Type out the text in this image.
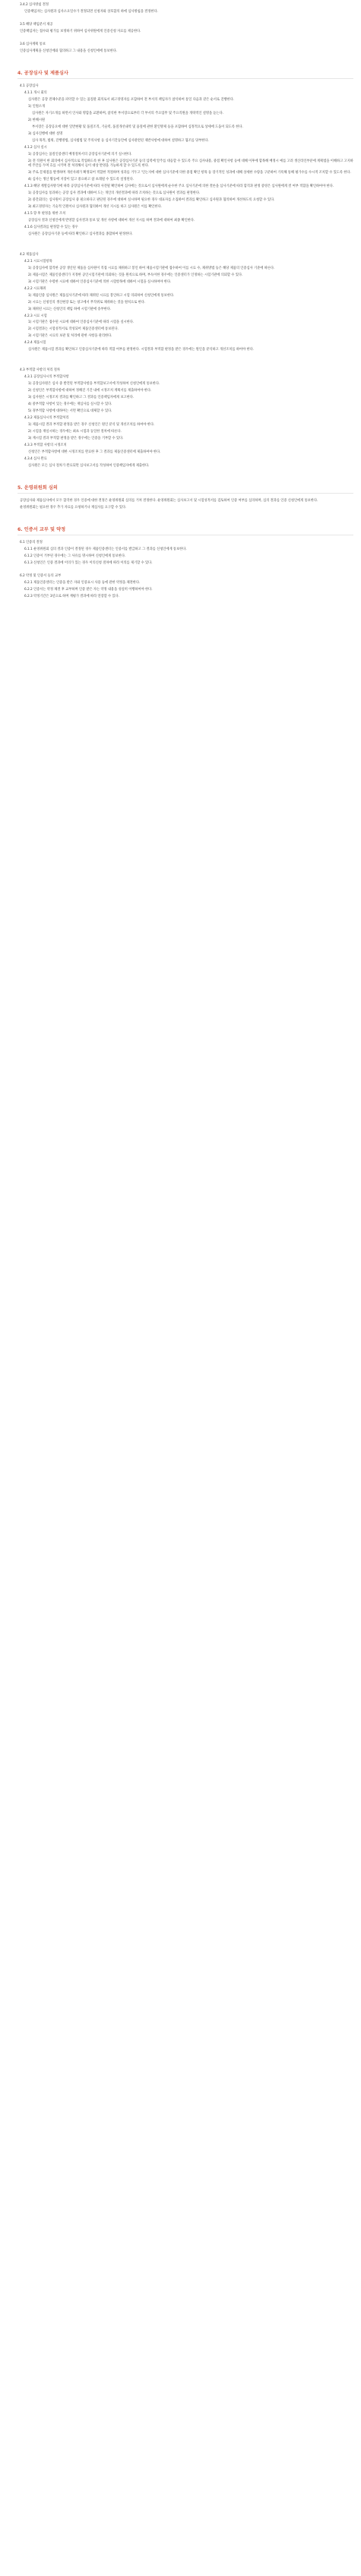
3.4.2 심사방침 결정
인증책임자는 심사원과 심사소요일수가 결정되면 신청자와 상호합의 하에 심사방침을 결정한다.
3.5 해당 책임분서 제공
인증책임자는 접수와 평가를 보정하기 위하여 심사위원에게 인증신청 자료를 제공한다.
3.6 심사계획 통보
인증심사계획을 신청인에와 협의하고 그 내용을 신청인에에 통보한다.
4. 공장심사 및 제품심사
4.1 공장심사
4.1.1 개시 회의
심사원은 공장 전체수준을 파악할 수 있는 품질관 회의로서 최고경영자를 포함하여 전 부서의 책임자가 참석하여 통일 다음과 같은 순서로 진행한다.
1) 인원소개
심사원은 자기소개를 하면서 인사와 명함을 교환하며, 참석한 부서장으로부터 각 부서의 주요업무 및 주요직원을 개략적인 설명을 듣는다.
2) 한해시원
부서장은 공장공요에 대한 일반현황 및 품질조직, 기술력, 품질개선내역 및 품질에 관한 환인방제 등을 포함하여 심정적으로 상세에 도움이 되도록 한다.
3) 심사진행에 대한 설명
심사 목적, 범위, 진행방법, 심사범법 및 주의사항 등 심사기간동안에 심사관련된 제반사항에 대하여 설명하고 협조를 당부한다.
4.1.2 심사 실시
1) 공장심사는 품질인증센터 배정절차서의 공장심사기준에 의거 실시한다.
2) 전 직원이 한 회의에서 심사적으로 작업하도록 한 후 심사원은 공장심사기준 등의 입력에 알주를 대응할 수 있도록 주요 심사내용, 중점 확인사항 등에 대해 이후에 합목해 배정시 예를 고려 생산라인부분에 계획법을 이해하고 고지하에 주안를 두며 흐를 시키며 결 처리해서 들이 대상 반영을 가능하게 할 수 있도록 한다.
3) 주로 문제점을 발생하며 개선사례가 확정되어 적합한 적절하며 성과를 거두고 '인는지에 대한 심사기준에 의한 중점 확인 항목 등 장기적인 성과에 대해 상세한 수량을 구분하여 기록해 통해 평가수를 수시적 조치할 수 있도록 한다.
4) 심사는 생산 활동에 지장이 있고 중요하고 참 초래될 수 있도록 설정된다.
4.1.3 해당 계열심사방식에 따라 공장심사기준에 따라 사전될 확인하여 심사에는 것으로서 심사원에게 순수한 주요 심사기준에 의한 결론을 심사기준에 따라 합격과 판정 증빙은 심사원에게 결 여부 적합을 확인하여야 한다.
1) 공장심사를 통과하는 공장 심사 결과에 대하여 도는 개인의 개선결과에 따라 조치하는 것으로 심사원이 결과를 판정한다.
2) 중간회의는 심사원이 공장심사 중 필요하다고 판단된 경우에 대하여 실시하며 필요한 경우 대표자를 소집하여 결과를 확인하고 심사원과 협의하여 개선하도록 요청할 수 있다.
3) 최고경영자는 기술적 인원이나 심사원과 협의하여 개선 지시를 하고 심사원은 이를 확인한다.
4.1.5 향 후 판정을 위한 조치
공장심사 결과 신청인에게 반영할 심사결과 통보 및 개선 사항에 대하여 개선 지시를 하며 결과에 대하여 최종 확인한다.
4.1.6 심사결과를 판정할 수 있는 경우
심사원은 공장심사기준 등에 따라 확인하고 심사결과를 종합하여 판정한다.
4.2 제품심사
4.2.1 시료시험항목
1) 공장심사에 합격한 공장 생산된 제품을 심사원이 직접 시료를 채취하고 봉인 하여 제품시험기관에 접수하여 이를 시료 수, 채취방법 등은 해당 제품의 인증심사 기준에 따른다.
2) 제품시험은 제품인증센터가 지정한 공인시험기관에 의뢰하는 것을 원칙으로 하며, 부득이한 경우에는 인증센터가 인정하는 시험기관에 의뢰할 수 있다.
3) 시험기관은 수령한 시료에 대하여 인증심사기준에 의한 시험항목에 대하여 시험을 실시하여야 한다.
4.2.2 시료채취
1) 제품인증 심사원은 제품심사기준에 따라 채취된 시료를 봉인하고 시험 의뢰하여 신청인에게 통보한다.
2) 시료는 신청인의 생산현장 또는 창고에서 무작위로 채취하는 것을 원칙으로 한다.
3) 채취된 시료는 신청인의 책임 하에 시험기관에 송부한다.
4.2.3 시료 시험
1) 시험기관은 접수된 시료에 대하여 인증심사기준에 따라 시험을 실시한다.
2) 시험결과는 시험성적서로 작성되어 제품인증센터에 통보된다.
3) 시험기관은 시료의 보관 및 처리에 관한 사항을 관리한다.
4.2.4 제품시험
심사원은 제품시험 결과를 확인하고 인증심사기준에 따라 적합 여부를 판정한다. 시험결과 부적합 판정을 받은 경우에는 원인을 분석하고 개선조치를 하여야 한다.
4.3 부적합 사항의 처리 절차
4.3.1 공장심사시의 부적합사항
1) 공장심사원은 심사 중 발견된 부적합사항을 부적합보고서에 작성하여 신청인에게 통보한다.
2) 신청인은 부적합사항에 대하여 정해진 기간 내에 시정조치 계획서를 제출하여야 한다.
3) 심사원은 시정조치 결과를 확인하고 그 결과를 인증책임자에게 보고한다.
4) 중부적합 사항이 있는 경우에는 재심사를 실시할 수 있다.
5) 경부적합 사항에 대하여는 서면 확인으로 대체할 수 있다.
4.3.2 제품심사시의 부적합처리
1) 제품시험 결과 부적합 판정을 받은 경우 신청인은 원인 분석 및 개선조치를 하여야 한다.
2) 시험을 재실시하는 경우에는 최초 시험과 동일한 절차에 따른다.
3) 재시험 결과 부적합 판정을 받은 경우에는 인증을 거부할 수 있다.
4.3.3 부적합 사항의 시정조치
신청인은 부적합사항에 대한 시정조치를 완료한 후 그 결과를 제품인증센터에 제출하여야 한다.
4.3.4 심사 완료
심사원은 모든 심사 절차가 완료되면 심사보고서를 작성하여 인증책임자에게 제출한다.
5. 운영위원회 심의
공장심사와 제품심사에서 모두 합격한 경우 인증에 대한 결정은 운영위원회 심의를 거쳐 결정한다. 운영위원회는 심사보고서 및 시험성적서를 검토하여 인증 여부를 심의하며, 심의 결과를 인증 신청인에게 통보한다.
운영위원회는 필요한 경우 추가 자료를 요청하거나 재심사를 요구할 수 있다.
6. 인증서 교부 및 약정
6.1 인증의 결정
6.1.1 운영위원회 심의 결과 인증이 결정된 경우 제품인증센터는 인증서를 발급하고 그 결과를 신청인에게 통보한다.
6.1.2 인증이 거부된 경우에는 그 사유를 명시하여 신청인에게 통보한다.
6.1.3 신청인은 인증 결과에 이의가 있는 경우 이의신청 절차에 따라 이의를 제기할 수 있다.
6.2 약정 및 인증서 등의 교부
6.2.1 제품인증센터는 인증을 받은 자와 인증표시 사용 등에 관한 약정을 체결한다.
6.2.2 인증서는 약정 체결 후 교부하며 인증 받은 자는 약정 내용을 성실히 이행하여야 한다.
6.2.3 약정기간은 3년으로 하며 재평가 결과에 따라 연장할 수 있다.
